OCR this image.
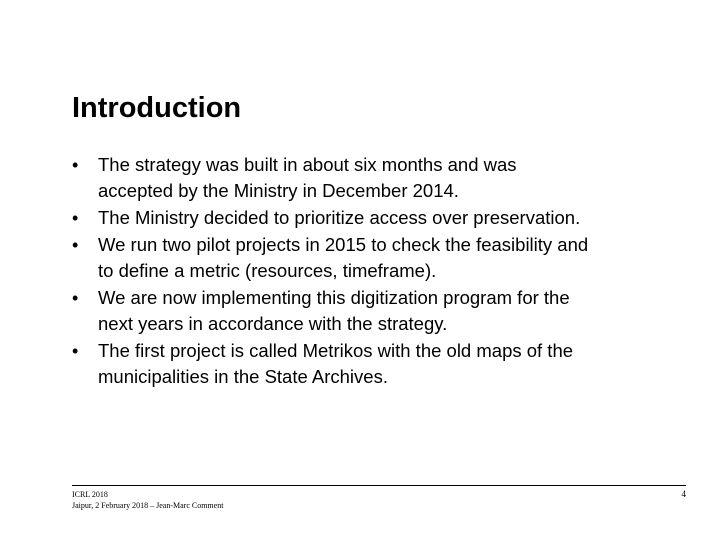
Introduction
•	The strategy was built in about six months and was
accepted by the Ministry in December 2014.
•	The Ministry decided to prioritize access over preservation.
•	We run two pilot projects in 2015 to check the feasibility and
to define a metric (resources, timeframe).
•	We are now implementing this digitization program for the
next years in accordance with the strategy.
•	The first project is called Metrikos with the old maps of the
municipalities in the State Archives.
ICRL 2018
Jaipur, 2 February 2018 – Jean-Marc Comment
4
